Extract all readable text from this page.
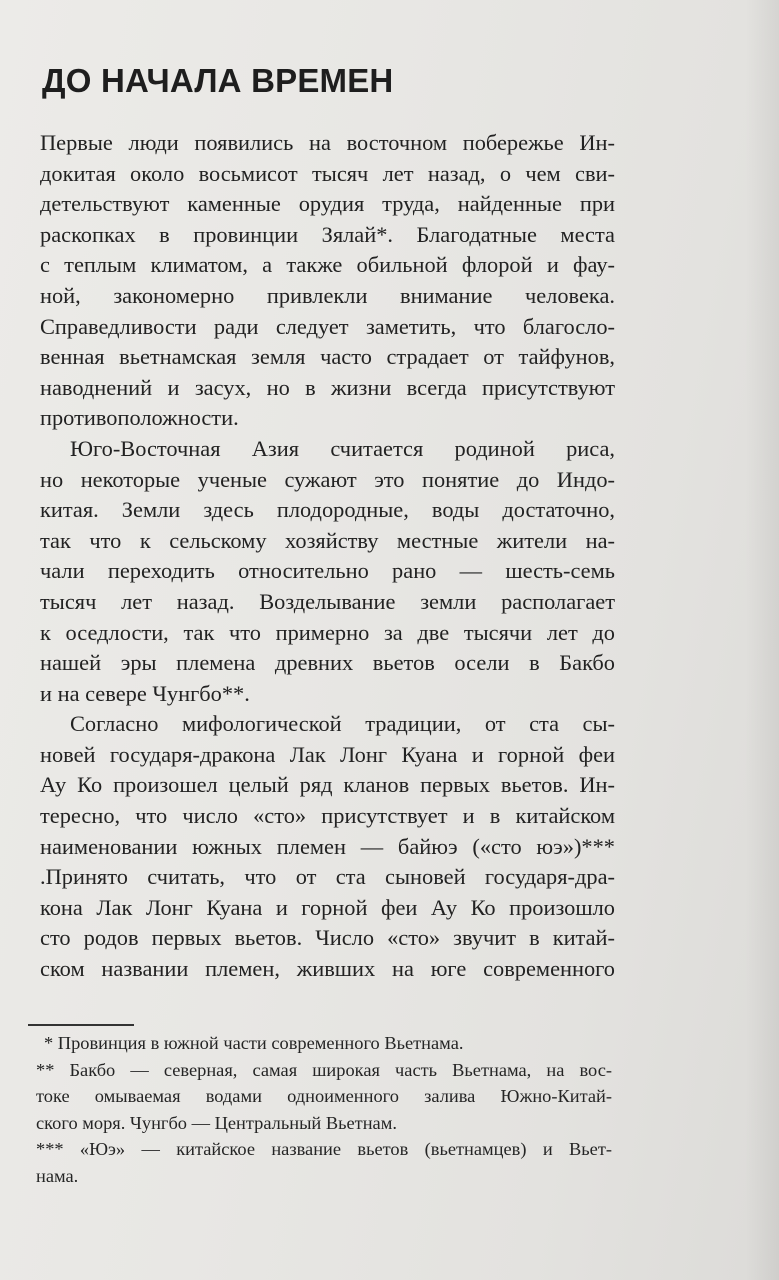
ДО НАЧАЛА ВРЕМЕН
Первые люди появились на восточном побережье Ин-
докитая около восьмисот тысяч лет назад, о чем сви-
детельствуют каменные орудия труда, найденные при
раскопках в провинции Зялай*. Благодатные места
с теплым климатом, а также обильной флорой и фау-
ной, закономерно привлекли внимание человека.
Справедливости ради следует заметить, что благосло-
венная вьетнамская земля часто страдает от тайфунов,
наводнений и засух, но в жизни всегда присутствуют
противоположности.
Юго-Восточная Азия считается родиной риса,
но некоторые ученые сужают это понятие до Индо-
китая. Земли здесь плодородные, воды достаточно,
так что к сельскому хозяйству местные жители на-
чали переходить относительно рано — шесть-семь
тысяч лет назад. Возделывание земли располагает
к оседлости, так что примерно за две тысячи лет до
нашей эры племена древних вьетов осели в Бакбо
и на севере Чунгбо**.
Согласно мифологической традиции, от ста сы-
новей государя-дракона Лак Лонг Куана и горной феи
Ау Ко произошел целый ряд кланов первых вьетов. Ин-
тересно, что число «сто» присутствует и в китайском
наименовании южных племен — байюэ («сто юэ»)***
.Принято считать, что от ста сыновей государя-дра-
кона Лак Лонг Куана и горной феи Ау Ко произошло
сто родов первых вьетов. Число «сто» звучит в китай-
ском названии племен, живших на юге современного
* Провинция в южной части современного Вьетнама.
** Бакбо — северная, самая широкая часть Вьетнама, на вос-
токе омываемая водами одноименного залива Южно-Китай-
ского моря. Чунгбо — Центральный Вьетнам.
*** «Юэ» — китайское название вьетов (вьетнамцев) и Вьет-
нама.
